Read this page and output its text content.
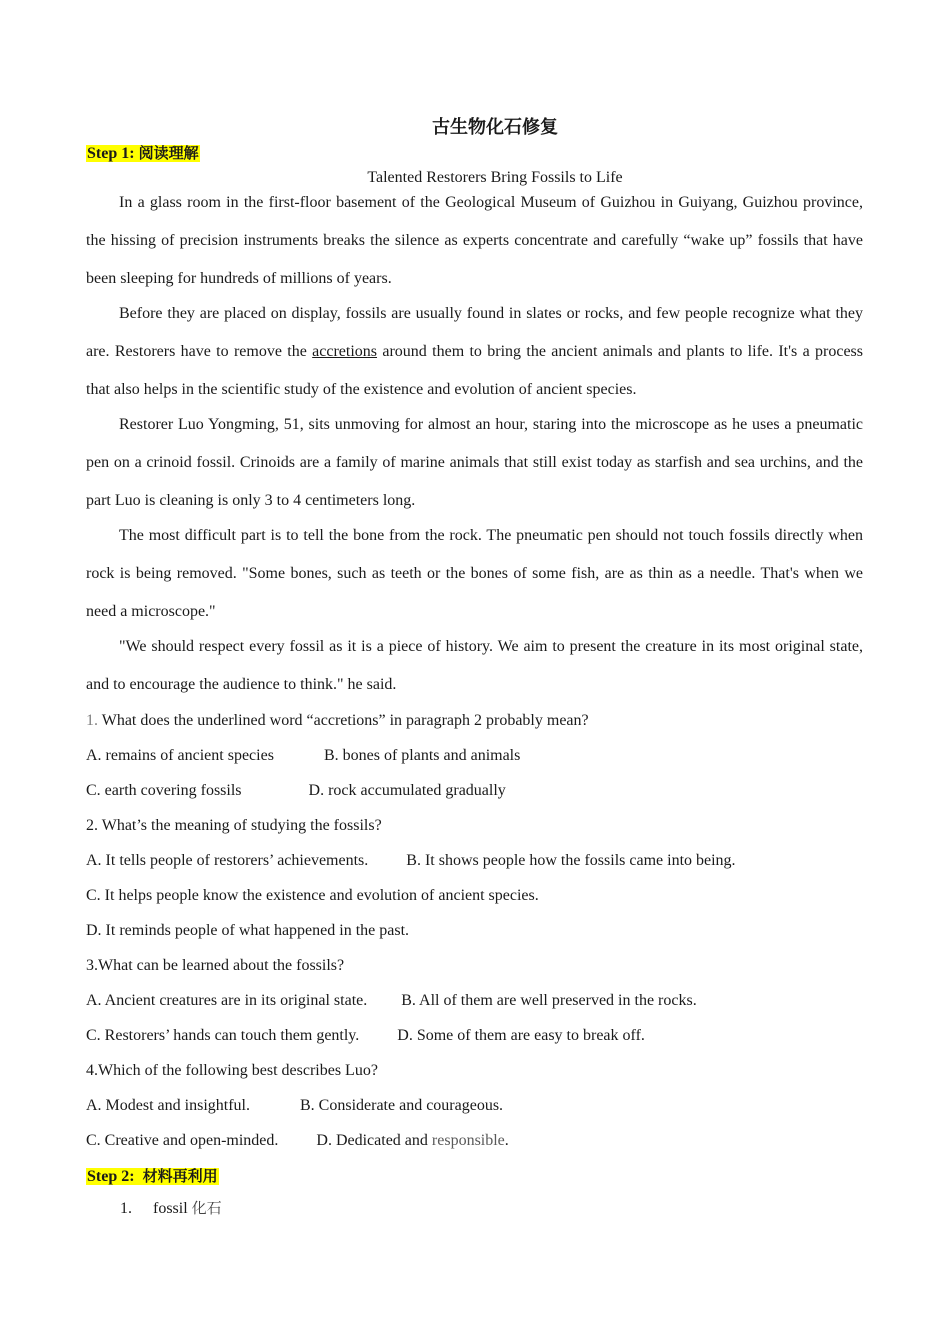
古生物化石修复
Step 1: 阅读理解
Talented Restorers Bring Fossils to Life

In a glass room in the first-floor basement of the Geological Museum of Guizhou in Guiyang, Guizhou province, the hissing of precision instruments breaks the silence as experts concentrate and carefully “wake up” fossils that have been sleeping for hundreds of millions of years.

Before they are placed on display, fossils are usually found in slates or rocks, and few people recognize what they are. Restorers have to remove the accretions around them to bring the ancient animals and plants to life. It's a process that also helps in the scientific study of the existence and evolution of ancient species.

Restorer Luo Yongming, 51, sits unmoving for almost an hour, staring into the microscope as he uses a pneumatic pen on a crinoid fossil. Crinoids are a family of marine animals that still exist today as starfish and sea urchins, and the part Luo is cleaning is only 3 to 4 centimeters long.

The most difficult part is to tell the bone from the rock. The pneumatic pen should not touch fossils directly when rock is being removed. "Some bones, such as teeth or the bones of some fish, are as thin as a needle. That's when we need a microscope."

"We should respect every fossil as it is a piece of history. We aim to present the creature in its most original state, and to encourage the audience to think." he said.

1. What does the underlined word “accretions” in paragraph 2 probably mean?
A. remains of ancient species	B. bones of plants and animals
C. earth covering fossils	D. rock accumulated gradually
2. What’s the meaning of studying the fossils?
A. It tells people of restorers’ achievements. B. It shows people how the fossils came into being.
C. It helps people know the existence and evolution of ancient species.
D. It reminds people of what happened in the past.
3.What can be learned about the fossils?
A. Ancient creatures are in its original state. B. All of them are well preserved in the rocks.
C. Restorers’ hands can touch them gently. D. Some of them are easy to break off.
4.Which of the following best describes Luo?
A. Modest and insightful.	B. Considerate and courageous.
C. Creative and open-minded. D. Dedicated and responsible.
Step 2:  材料再利用
1. fossil 化石
